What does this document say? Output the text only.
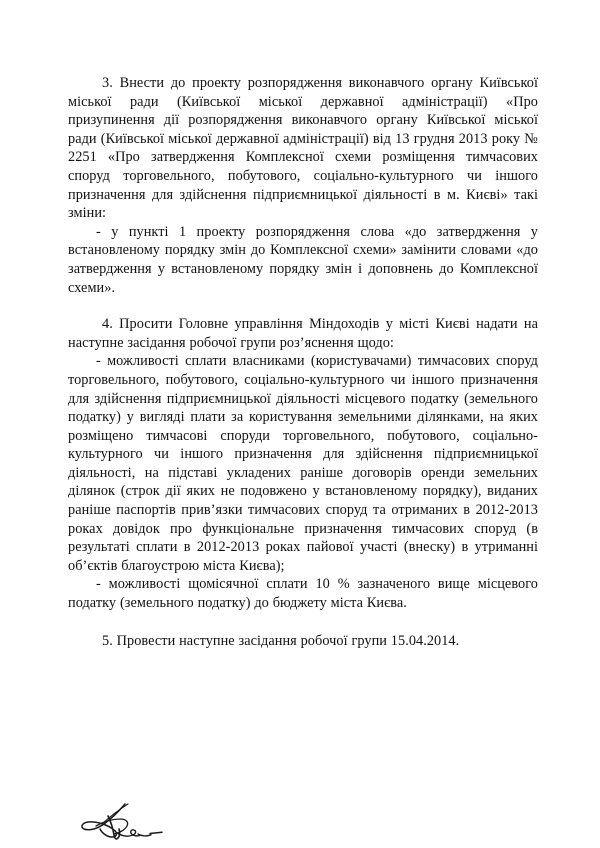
3. Внести до проекту розпорядження виконавчого органу Київської міської ради (Київської міської державної адміністрації) «Про призупинення дії розпорядження виконавчого органу Київської міської ради (Київської міської державної адміністрації) від 13 грудня 2013 року № 2251 «Про затвердження Комплексної схеми розміщення тимчасових споруд торговельного, побутового, соціально-культурного чи іншого призначення для здійснення підприємницької діяльності в м. Києві» такі зміни:

- у пункті 1 проекту розпорядження слова «до затвердження у встановленому порядку змін до Комплексної схеми» замінити словами «до затвердження у встановленому порядку змін і доповнень до Комплексної схеми».

4. Просити Головне управління Міндоходів у місті Києві надати на наступне засідання робочої групи роз’яснення щодо:

- можливості сплати власниками (користувачами) тимчасових споруд торговельного, побутового, соціально-культурного чи іншого призначення для здійснення підприємницької діяльності місцевого податку (земельного податку) у вигляді плати за користування земельними ділянками, на яких розміщено тимчасові споруди торговельного, побутового, соціально-культурного чи іншого призначення для здійснення підприємницької діяльності, на підставі укладених раніше договорів оренди земельних ділянок (строк дії яких не подовжено у встановленому порядку), виданих раніше паспортів прив’язки тимчасових споруд та отриманих в 2012-2013 роках довідок про функціональне призначення тимчасових споруд (в результаті сплати в 2012-2013 роках пайової участі (внеску) в утриманні об’єктів благоустрою міста Києва);

- можливості щомісячної сплати 10 % зазначеного вище місцевого податку (земельного податку) до бюджету міста Києва.

5. Провести наступне засідання робочої групи 15.04.2014.
